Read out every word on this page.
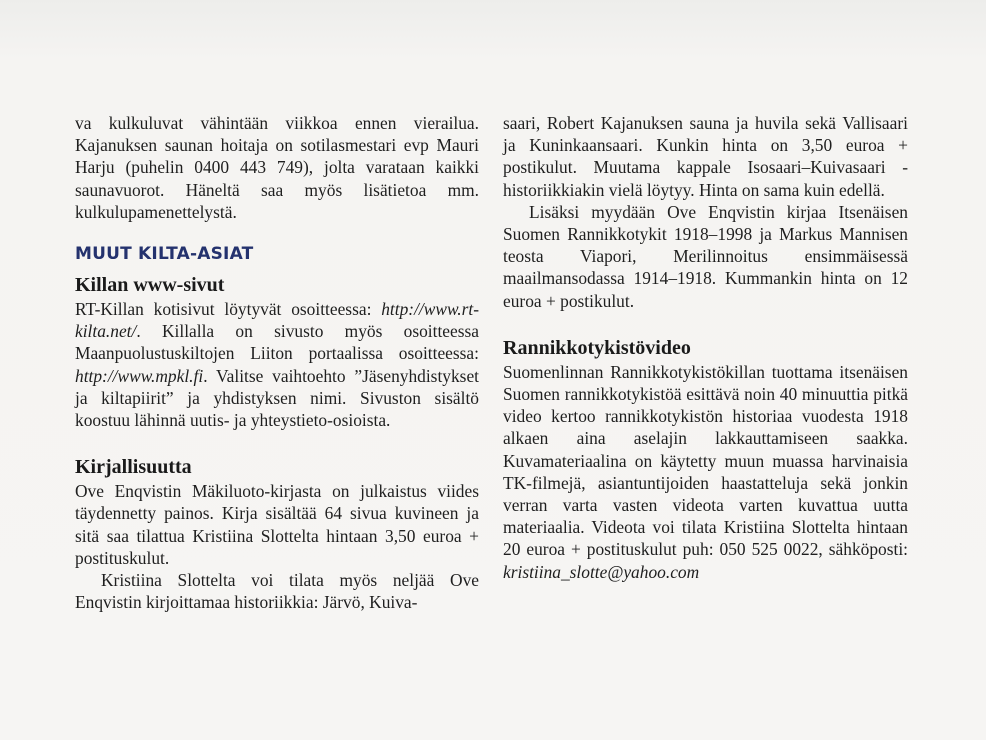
va kulkuluvat vähintään viikkoa ennen vierailua. Kajanuksen saunan hoitaja on sotilasmestari evp Mauri Harju (puhelin 0400 443 749), jolta varataan kaikki saunavuorot. Häneltä saa myös lisätietoa mm. kulkulupamenettelystä.

MUUT KILTA-ASIAT
Killan www-sivut

RT-Killan kotisivut löytyvät osoitteessa: http://www.rt-kilta.net/. Killalla on sivusto myös osoitteessa Maanpuolustuskiltojen Liiton portaalissa osoitteessa: http://www.mpkl.fi. Valitse vaihtoehto ”Jäsenyhdistykset ja kiltapiirit” ja yhdistyksen nimi. Sivuston sisältö koostuu lähinnä uutis- ja yhteystieto-osioista.

Kirjallisuutta

Ove Enqvistin Mäkiluoto-kirjasta on julkaistus viides täydennetty painos. Kirja sisältää 64 sivua kuvineen ja sitä saa tilattua Kristiina Slottelta hintaan 3,50 euroa + postituskulut.

Kristiina Slottelta voi tilata myös neljää Ove Enqvistin kirjoittamaa historiikkia: Järvö, Kuiva-

saari, Robert Kajanuksen sauna ja huvila sekä Vallisaari ja Kuninkaansaari. Kunkin hinta on 3,50 euroa + postikulut. Muutama kappale Isosaari–Kuivasaari -historiikkiakin vielä löytyy. Hinta on sama kuin edellä.

Lisäksi myydään Ove Enqvistin kirjaa Itsenäisen Suomen Rannikkotykit 1918–1998 ja Markus Mannisen teosta Viapori, Merilinnoitus ensimmäisessä maailmansodassa 1914–1918. Kummankin hinta on 12 euroa + postikulut.

Rannikkotykistövideo

Suomenlinnan Rannikkotykistökillan tuottama itsenäisen Suomen rannikkotykistöä esittävä noin 40 minuuttia pitkä video kertoo rannikkotykistön historiaa vuodesta 1918 alkaen aina aselajin lakkauttamiseen saakka. Kuvamateriaalina on käytetty muun muassa harvinaisia TK-filmejä, asiantuntijoiden haastatteluja sekä jonkin verran varta vasten videota varten kuvattua uutta materiaalia. Videota voi tilata Kristiina Slottelta hintaan 20 euroa + postituskulut puh: 050 525 0022, sähköposti: kristiina_slotte@yahoo.com
